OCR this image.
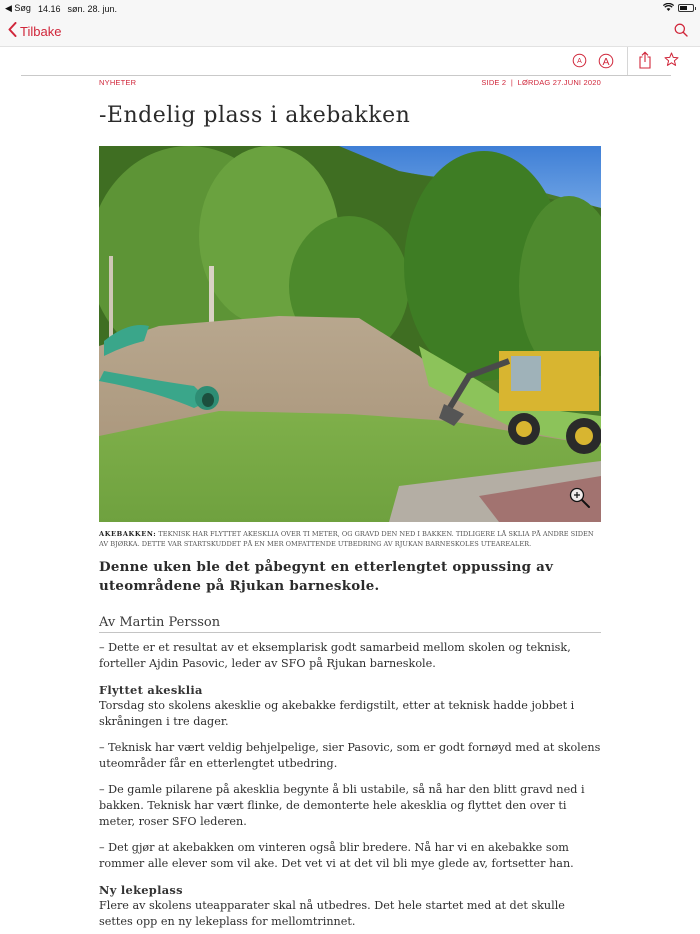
◀ Søg 14.16 søn. 28. jun.
Tilbake
A A
NYHETER	SIDE 2  |  LØRDAG 27.JUNI 2020
-Endelig plass i akebakken
AKEBAKKEN: TEKNISK HAR FLYTTET AKESKLIA OVER TI METER, OG GRAVD DEN NED I BAKKEN. TIDLIGERE LÅ SKLIA PÅ ANDRE SIDEN AV BJØRKA. DETTE VAR STARTSKUDDET PÅ EN MER OMFATTENDE UTBEDRING AV RJUKAN BARNESKOLES UTEAREALER.
Denne uken ble det påbegynt en etterlengtet oppussing av uteområdene på Rjukan barneskole.
Av Martin Persson

– Dette er et resultat av et eksemplarisk godt samarbeid mellom skolen og teknisk, forteller Ajdin Pasovic, leder av SFO på Rjukan barneskole.

Flyttet akesklia

Torsdag sto skolens akesklie og akebakke ferdigstilt, etter at teknisk hadde jobbet i skråningen i tre dager.

– Teknisk har vært veldig behjelpelige, sier Pasovic, som er godt fornøyd med at skolens uteområder får en etterlengtet utbedring.

– De gamle pilarene på akesklia begynte å bli ustabile, så nå har den blitt gravd ned i bakken. Teknisk har vært flinke, de demonterte hele akesklia og flyttet den over ti meter, roser SFO lederen.

– Det gjør at akebakken om vinteren også blir bredere. Nå har vi en akebakke som rommer alle elever som vil ake. Det vet vi at det vil bli mye glede av, fortsetter han.

Ny lekeplass

Flere av skolens uteapparater skal nå utbedres. Det hele startet med at det skulle settes opp en ny lekeplass for mellomtrinnet.
